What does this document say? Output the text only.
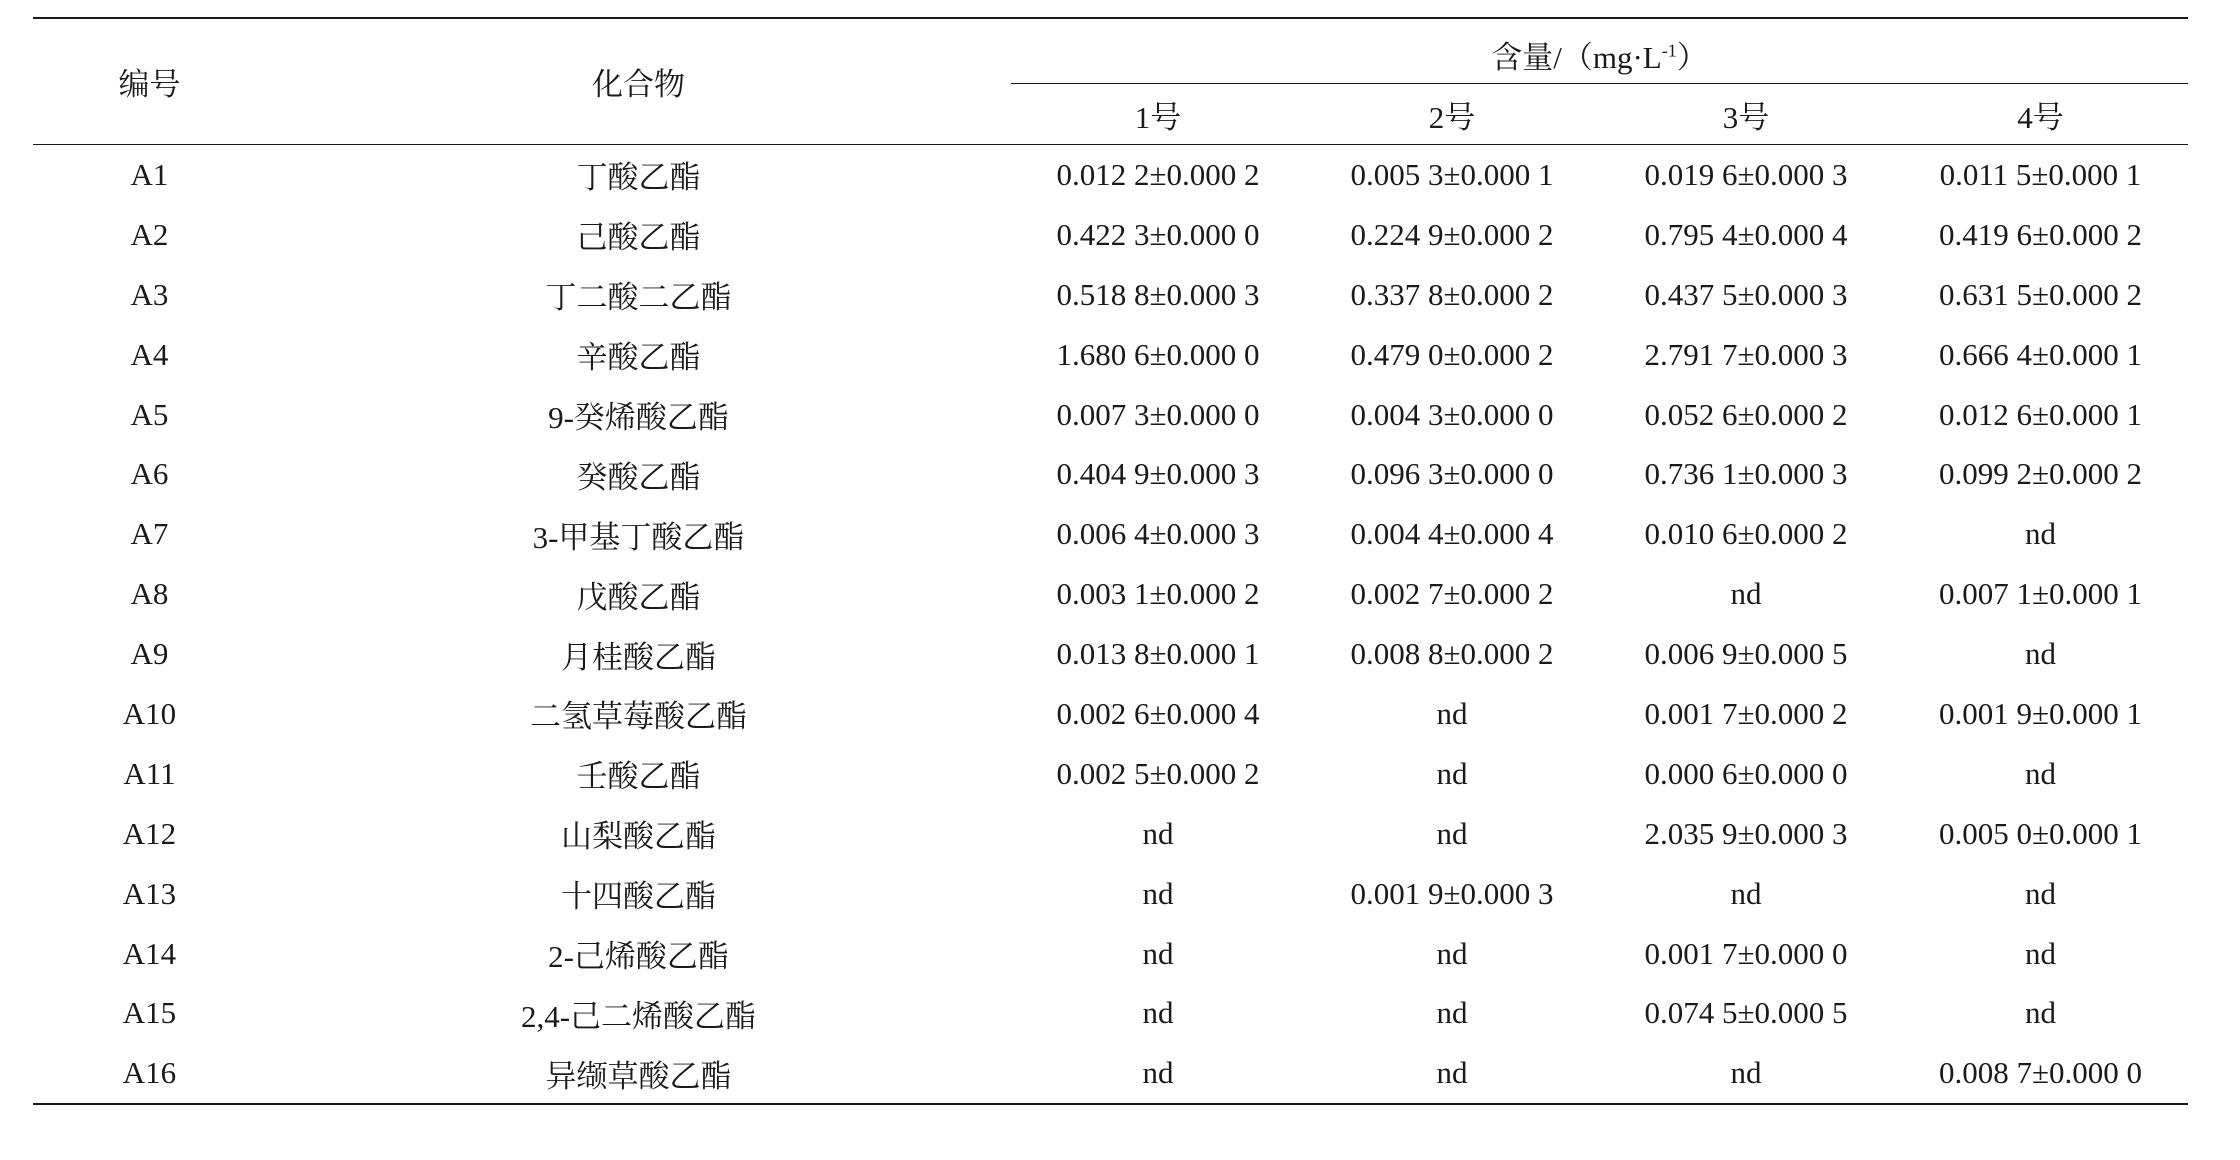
编号	化合物	含量$/(mg\cdot L^{-1})$			
		1号	2号	3号	4号
A1	丁酸乙酯	0.012 2±0.000 2	0.005 3±0.000 1	0.019 6±0.000 3	0.011 5±0.000 1
A2	己酸乙酯	0.422 3±0.000 0	0.224 9±0.000 2	0.795 4±0.000 4	0.419 6±0.000 2
A3	丁二酸二乙酯	0.518 8±0.000 3	0.337 8±0.000 2	0.437 5±0.000 3	0.631 5±0.000 2
A4	辛酸乙酯	1.680 6±0.000 0	0.479 0±0.000 2	2.791 7±0.000 3	0.666 4±0.000 1
A5	9-癸烯酸乙酯	0.007 3±0.000 0	0.004 3±0.000 0	0.052 6±0.000 2	0.012 6±0.000 1
A6	癸酸乙酯	0.404 9±0.000 3	0.096 3±0.000 0	0.736 1±0.000 3	0.099 2±0.000 2
A7	3-甲基丁酸乙酯	0.006 4±0.000 3	0.004 4±0.000 4	0.010 6±0.000 2	nd
A8	戊酸乙酯	0.003 1±0.000 2	0.002 7±0.000 2	nd	0.007 1±0.000 1
A9	月桂酸乙酯	0.013 8±0.000 1	0.008 8±0.000 2	0.006 9±0.000 5	nd
A10	二氢草莓酸乙酯	0.002 6±0.000 4	nd	0.001 7±0.000 2	0.001 9±0.000 1
A11	壬酸乙酯	0.002 5±0.000 2	nd	0.000 6±0.000 0	nd
A12	山梨酸乙酯	nd	nd	2.035 9±0.000 3	0.005 0±0.000 1
A13	十四酸乙酯	nd	0.001 9±0.000 3	nd	nd
A14	2-己烯酸乙酯	nd	nd	0.001 7±0.000 0	nd
A15	2,4-己二烯酸乙酯	nd	nd	0.074 5±0.000 5	nd
A16	异缬草酸乙酯	nd	nd	nd	0.008 7±0.000 0
